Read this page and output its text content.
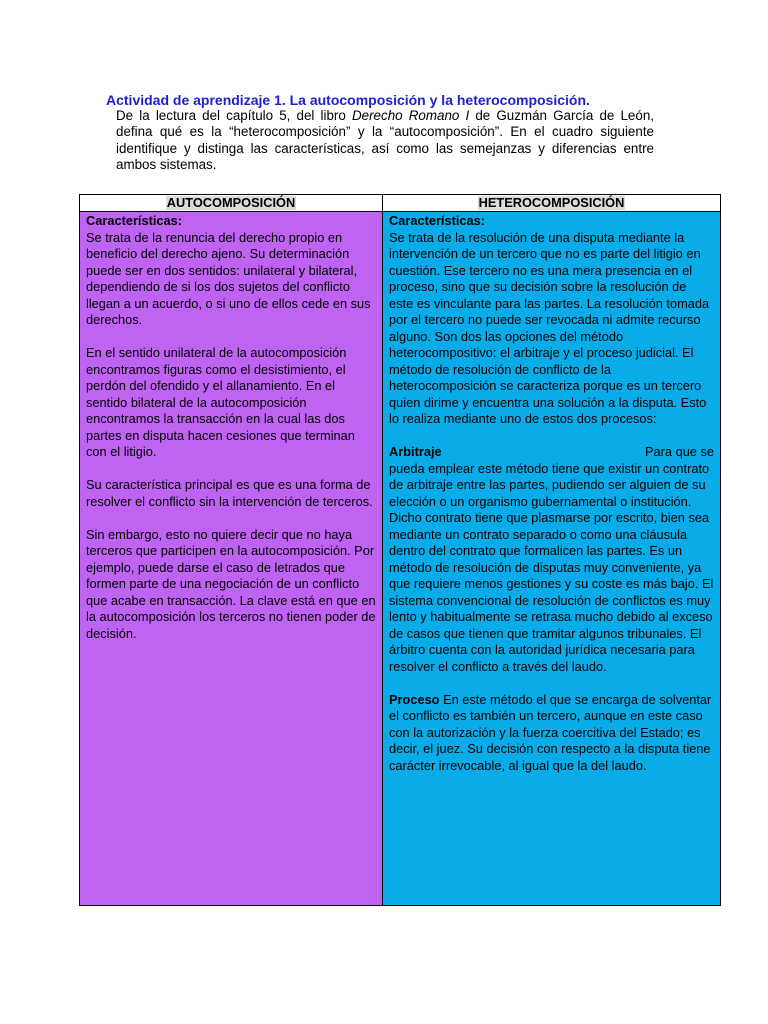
Actividad de aprendizaje 1. La autocomposición y la heterocomposición.
De la lectura del capítulo 5, del libro Derecho Romano I de Guzmán García de León, defina qué es la “heterocomposición” y la “autocomposición”. En el cuadro siguiente identifique y distinga las características, así como las semejanzas y diferencias entre ambos sistemas.
AUTOCOMPOSICIÓN	HETEROCOMPOSICIÓN

Características:

Se trata de la renuncia del derecho propio en beneficio del derecho ajeno. Su determinación puede ser en dos sentidos: unilateral y bilateral, dependiendo de si los dos sujetos del conflicto llegan a un acuerdo, o si uno de ellos cede en sus derechos.

En el sentido unilateral de la autocomposición encontramos figuras como el desistimiento, el perdón del ofendido y el allanamiento. En el sentido bilateral de la autocomposición encontramos la transacción en la cual las dos partes en disputa hacen cesiones que terminan con el litigio.

Su característica principal es que es una forma de resolver el conflicto sin la intervención de terceros.

Sin embargo, esto no quiere decir que no haya terceros que participen en la autocomposición. Por ejemplo, puede darse el caso de letrados que formen parte de una negociación de un conflicto que acabe en transacción. La clave está en que en la autocomposición los terceros no tienen poder de decisión.

Características:

Se trata de la resolución de una disputa mediante la intervención de un tercero que no es parte del litigio en cuestión. Ese tercero no es una mera presencia en el proceso, sino que su decisión sobre la resolución de este es vinculante para las partes. La resolución tomada por el tercero no puede ser revocada ni admite recurso alguno. Son dos las opciones del método heterocompositivo: el arbitraje y el proceso judicial. El método de resolución de conflicto de la heterocomposición se caracteriza porque es un tercero quien dirime y encuentra una solución a la disputa. Esto lo realiza mediante uno de estos dos procesos:

Arbitraje	Para que se

pueda emplear este método tiene que existir un contrato de arbitraje entre las partes, pudiendo ser alguien de su elección o un organismo gubernamental o institución. Dicho contrato tiene que plasmarse por escrito, bien sea mediante un contrato separado o como una cláusula dentro del contrato que formalicen las partes. Es un método de resolución de disputas muy conveniente, ya que requiere menos gestiones y su coste es más bajo. El sistema convencional de resolución de conflictos es muy lento y habitualmente se retrasa mucho debido al exceso de casos que tienen que tramitar algunos tribunales. El árbitro cuenta con la autoridad jurídica necesaria para resolver el conflicto a través del laudo.

Proceso En este método el que se encarga de solventar el conflicto es también un tercero, aunque en este caso con la autorización y la fuerza coercitiva del Estado; es decir, el juez. Su decisión con respecto a la disputa tiene carácter irrevocable, al igual que la del laudo.
